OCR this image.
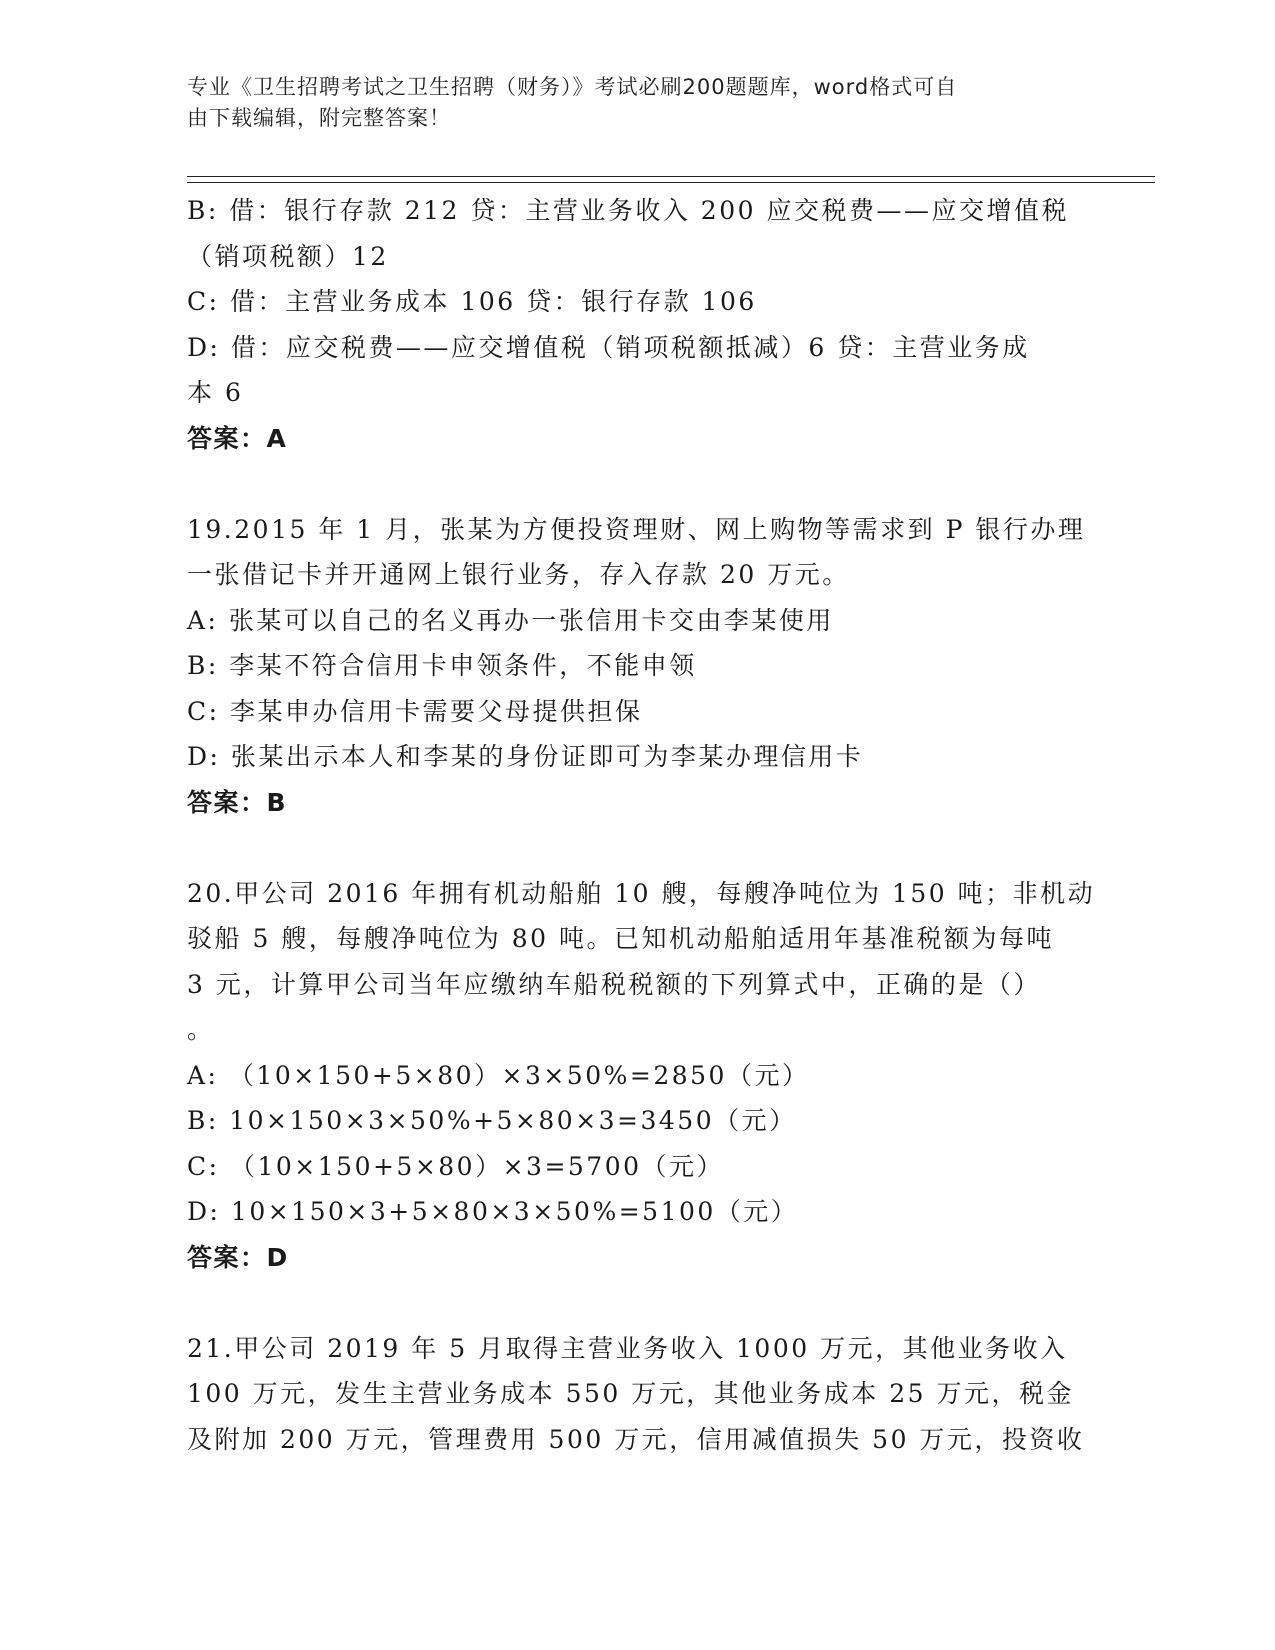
专业《卫生招聘考试之卫生招聘（财务）》考试必刷200题题库，word格式可自
由下载编辑，附完整答案！
B: 借：银行存款 212 贷：主营业务收入 200 应交税费——应交增值税
（销项税额）12
C: 借：主营业务成本 106 贷：银行存款 106
D: 借：应交税费——应交增值税（销项税额抵减）6 贷：主营业务成
本 6
答案：A
19.2015 年 1 月，张某为方便投资理财、网上购物等需求到 P 银行办理
一张借记卡并开通网上银行业务，存入存款 20 万元。
A: 张某可以自己的名义再办一张信用卡交由李某使用
B: 李某不符合信用卡申领条件，不能申领
C: 李某申办信用卡需要父母提供担保
D: 张某出示本人和李某的身份证即可为李某办理信用卡
答案：B
20.甲公司 2016 年拥有机动船舶 10 艘，每艘净吨位为 150 吨；非机动
驳船 5 艘，每艘净吨位为 80 吨。已知机动船舶适用年基准税额为每吨
3 元，计算甲公司当年应缴纳车船税税额的下列算式中，正确的是（）
。
A: （10×150+5×80）×3×50%=2850（元）
B: 10×150×3×50%+5×80×3=3450（元）
C: （10×150+5×80）×3=5700（元）
D: 10×150×3+5×80×3×50%=5100（元）
答案：D
21.甲公司 2019 年 5 月取得主营业务收入 1000 万元，其他业务收入
100 万元，发生主营业务成本 550 万元，其他业务成本 25 万元，税金
及附加 200 万元，管理费用 500 万元，信用减值损失 50 万元，投资收
